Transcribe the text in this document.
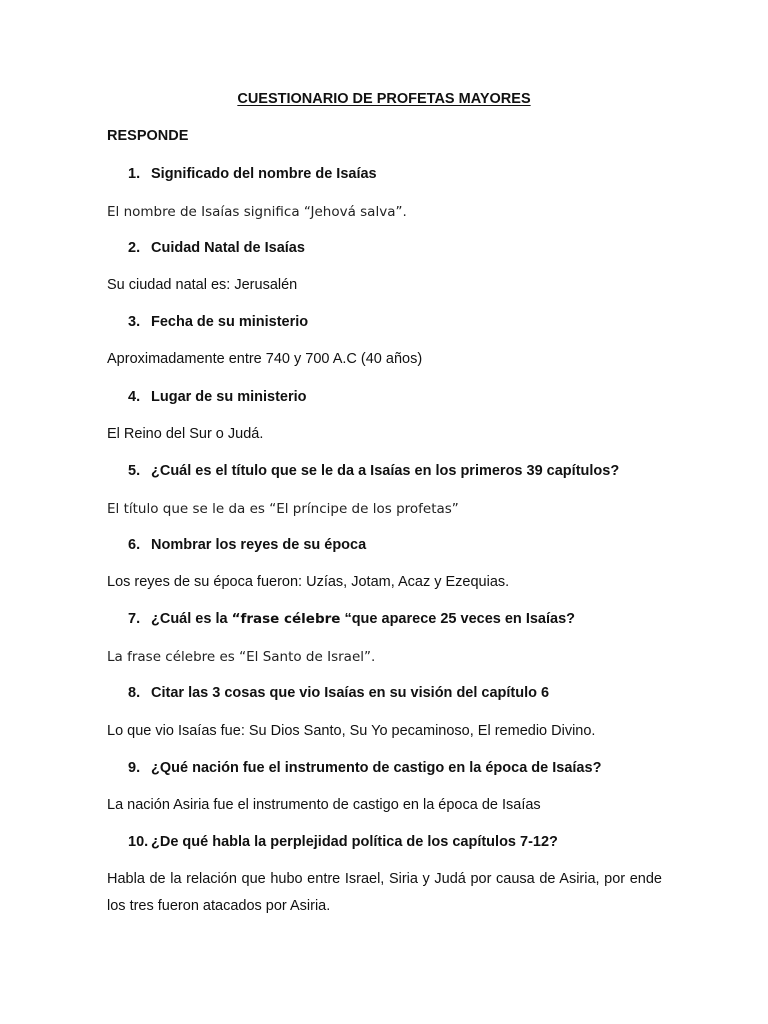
CUESTIONARIO DE PROFETAS MAYORES
RESPONDE
1. Significado del nombre de Isaías
El nombre de Isaías significa “Jehová salva”.
2. Cuidad Natal de Isaías
Su ciudad natal es: Jerusalén
3. Fecha de su ministerio
Aproximadamente entre 740 y 700 A.C (40 años)
4. Lugar de su ministerio
El Reino del Sur o Judá.
5. ¿Cuál es el título que se le da a Isaías en los primeros 39 capítulos?
El título que se le da es “El príncipe de los profetas”
6. Nombrar los reyes de su época
Los reyes de su época fueron: Uzías, Jotam, Acaz y Ezequias.
7. ¿Cuál es la “frase célebre “que aparece 25 veces en Isaías?
La frase célebre es “El Santo de Israel”.
8. Citar las 3 cosas que vio Isaías en su visión del capítulo 6
Lo que vio Isaías fue: Su Dios Santo, Su Yo pecaminoso, El remedio Divino.
9. ¿Qué nación fue el instrumento de castigo en la época de Isaías?
La nación Asiria fue el instrumento de castigo en la época de Isaías
10. ¿De qué habla la perplejidad política de los capítulos 7-12?
Habla de la relación que hubo entre Israel, Siria y Judá por causa de Asiria, por ende los tres fueron atacados por Asiria.
